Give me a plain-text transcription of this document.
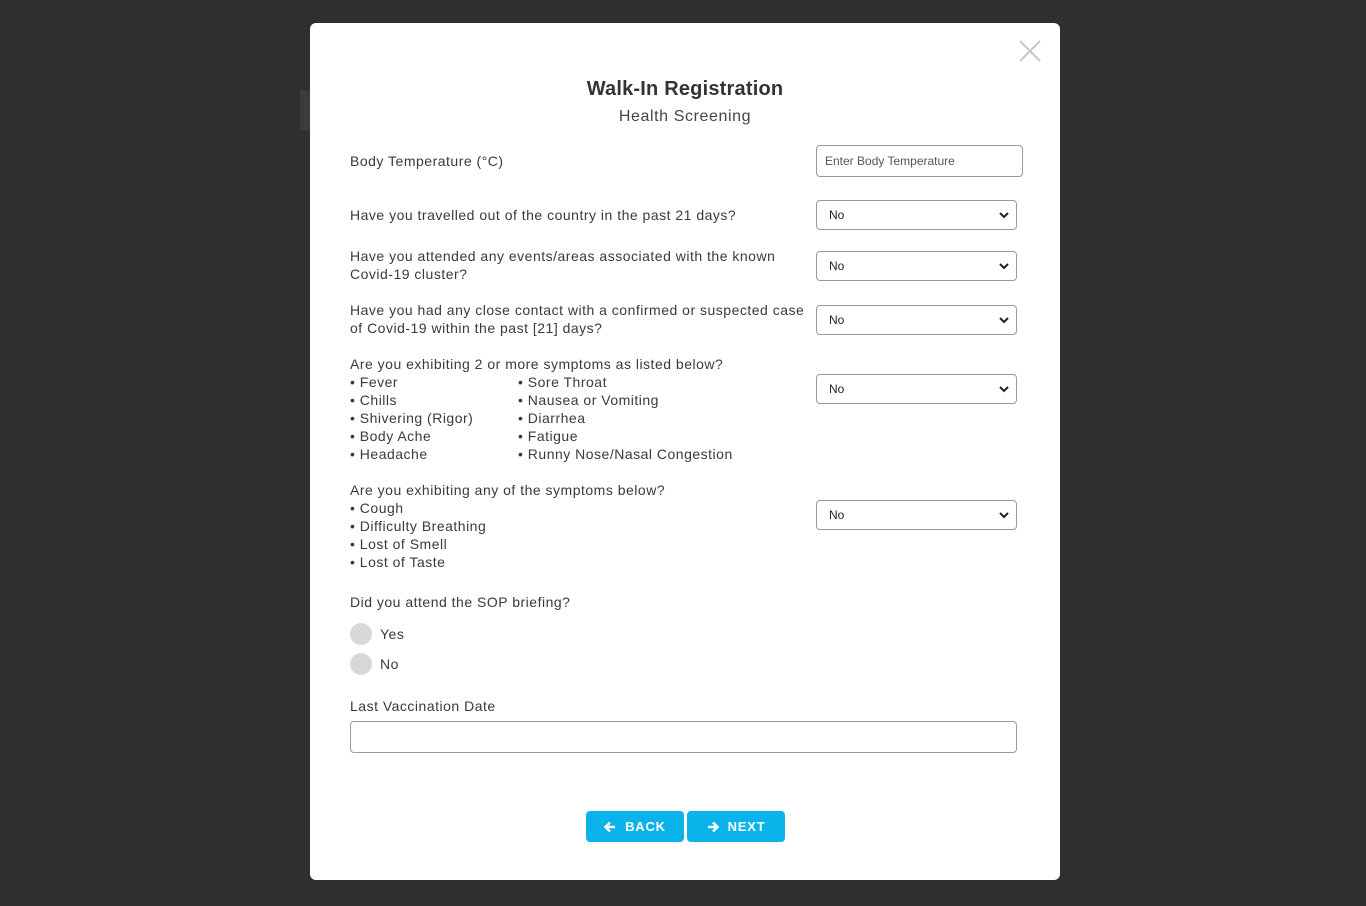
Walk-In Registration
Health Screening
Body Temperature (°C)
Enter Body Temperature
Have you travelled out of the country in the past 21 days?	No
Have you attended any events/areas associated with the known Covid-19 cluster?	No
Have you had any close contact with a confirmed or suspected case of Covid-19 within the past [21] days?	No
Are you exhibiting 2 or more symptoms as listed below?
• Fever	• Sore Throat
• Chills	• Nausea or Vomiting
• Shivering (Rigor)	• Diarrhea
• Body Ache	• Fatigue
• Headache	• Runny Nose/Nasal Congestion
No
Are you exhibiting any of the symptoms below?
• Cough
• Difficulty Breathing
• Lost of Smell
• Lost of Taste
No
Did you attend the SOP briefing?
Yes
No
Last Vaccination Date
BACK	NEXT
